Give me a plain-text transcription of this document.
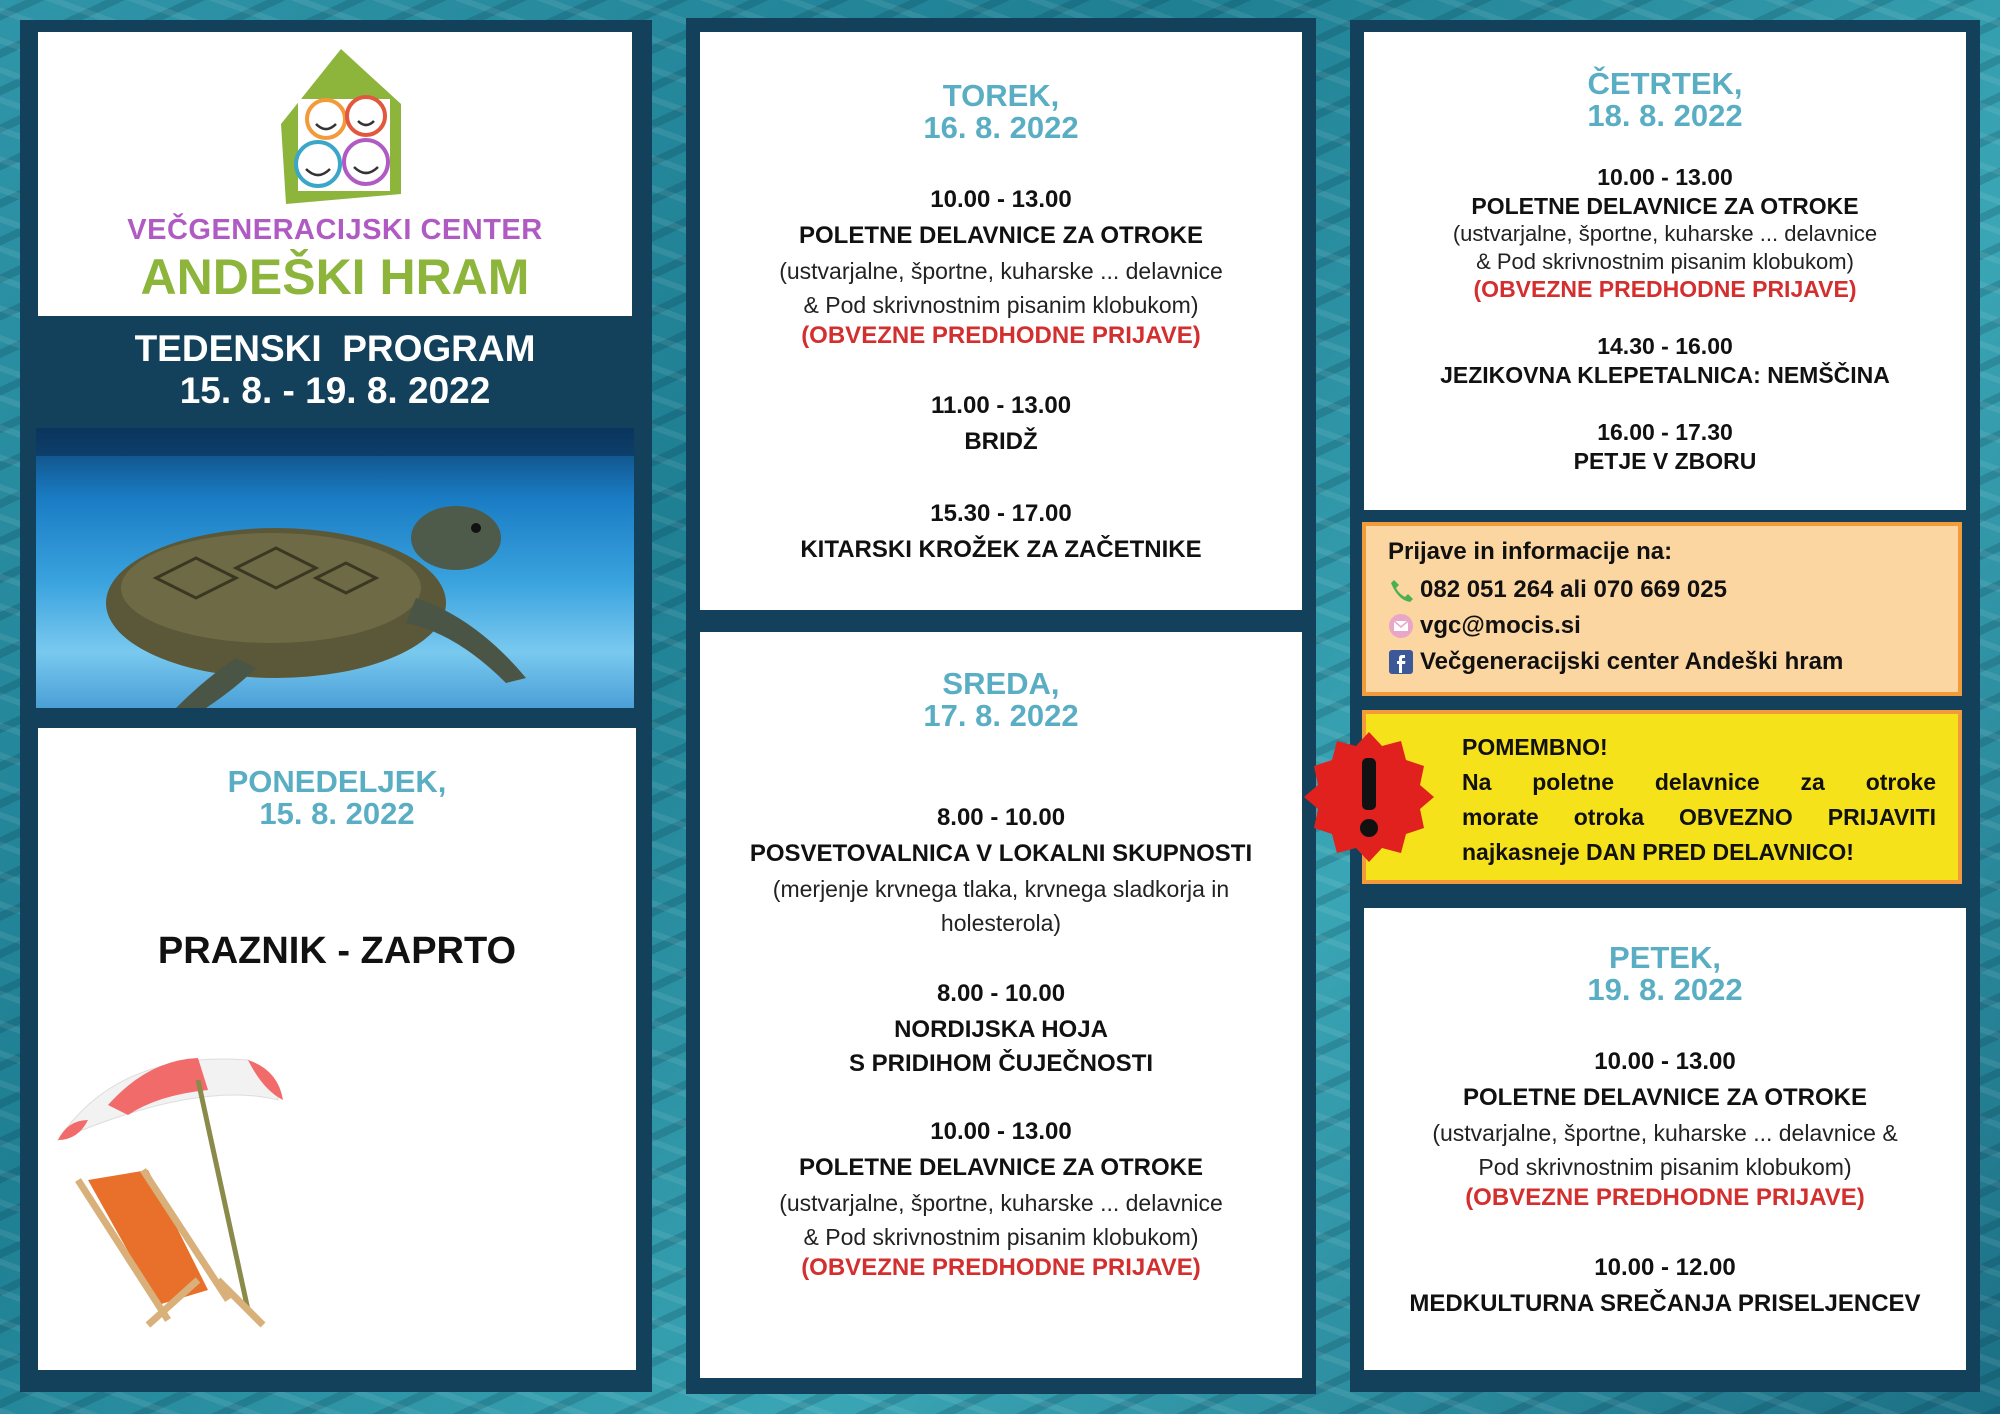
VEČGENERACIJSKI CENTER
ANDEŠKI HRAM
TEDENSKI  PROGRAM
15. 8. - 19. 8. 2022
PONEDELJEK,
15. 8. 2022
PRAZNIK - ZAPRTO
TOREK,
16. 8. 2022
10.00 - 13.00
POLETNE DELAVNICE ZA OTROKE
(ustvarjalne, športne, kuharske ... delavnice
& Pod skrivnostnim pisanim klobukom)
(OBVEZNE PREDHODNE PRIJAVE)
11.00 - 13.00
BRIDŽ
15.30 - 17.00
KITARSKI KROŽEK ZA ZAČETNIKE
SREDA,
17. 8. 2022
8.00 - 10.00
POSVETOVALNICA V LOKALNI SKUPNOSTI
(merjenje krvnega tlaka, krvnega sladkorja in
holesterola)
8.00 - 10.00
NORDIJSKA HOJA
S PRIDIHOM ČUJEČNOSTI
10.00 - 13.00
POLETNE DELAVNICE ZA OTROKE
(ustvarjalne, športne, kuharske ... delavnice
& Pod skrivnostnim pisanim klobukom)
(OBVEZNE PREDHODNE PRIJAVE)
ČETRTEK,
18. 8. 2022
10.00 - 13.00
POLETNE DELAVNICE ZA OTROKE
(ustvarjalne, športne, kuharske ... delavnice
& Pod skrivnostnim pisanim klobukom)
(OBVEZNE PREDHODNE PRIJAVE)
14.30 - 16.00
JEZIKOVNA KLEPETALNICA: NEMŠČINA
16.00 - 17.30
PETJE V ZBORU
Prijave in informacije na:
082 051 264 ali 070 669 025
vgc@mocis.si
Večgeneracijski center Andeški hram
POMEMBNO!
Na poletne delavnice za otroke
morate otroka OBVEZNO PRIJAVITI
najkasneje DAN PRED DELAVNICO!
PETEK,
19. 8. 2022
10.00 - 13.00
POLETNE DELAVNICE ZA OTROKE
(ustvarjalne, športne, kuharske ... delavnice &
Pod skrivnostnim pisanim klobukom)
(OBVEZNE PREDHODNE PRIJAVE)
10.00 - 12.00
MEDKULTURNA SREČANJA PRISELJENCEV
